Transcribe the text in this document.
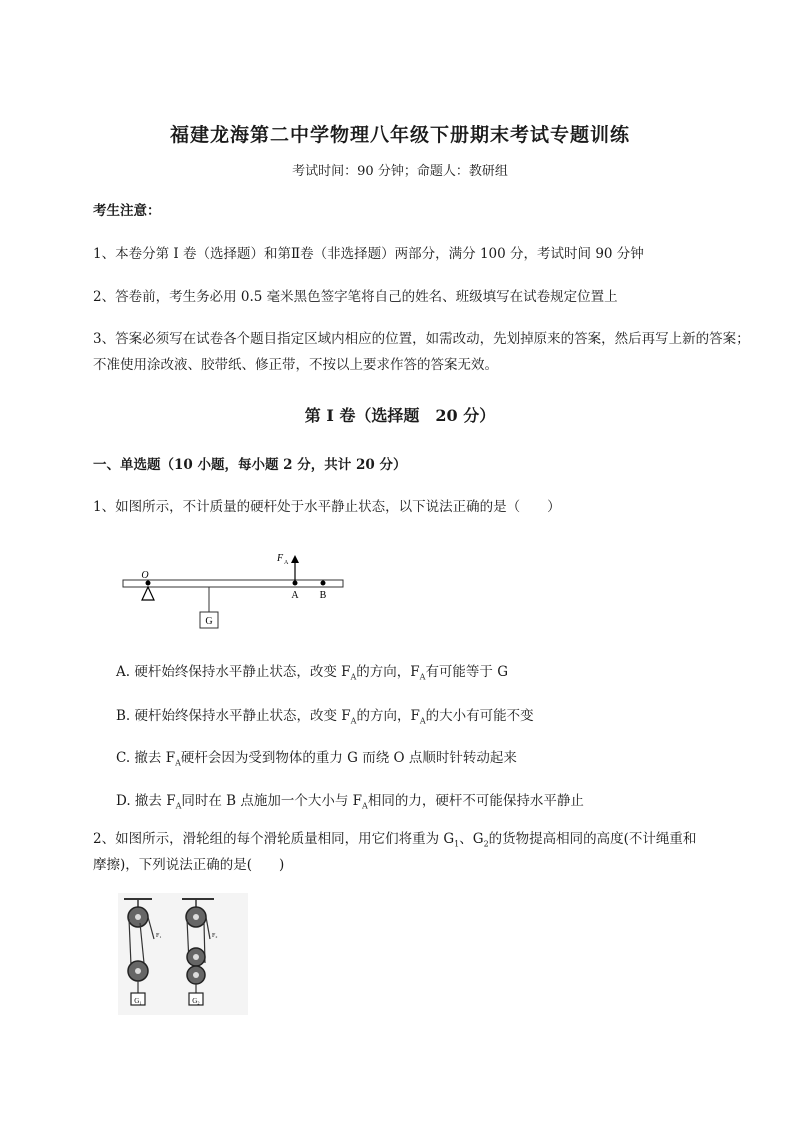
福建龙海第二中学物理八年级下册期末考试专题训练
考试时间：90 分钟；命题人：教研组
考生注意：
1、本卷分第 I 卷（选择题）和第Ⅱ卷（非选择题）两部分，满分 100 分，考试时间 90 分钟
2、答卷前，考生务必用 0.5 毫米黑色签字笔将自己的姓名、班级填写在试卷规定位置上
3、答案必须写在试卷各个题目指定区域内相应的位置，如需改动，先划掉原来的答案，然后再写上新的答案；不准使用涂改液、胶带纸、修正带，不按以上要求作答的答案无效。
第 I 卷（选择题　20 分）
一、单选题（10 小题，每小题 2 分，共计 20 分）
1、如图所示，不计质量的硬杆处于水平静止状态，以下说法正确的是（　　）
O
F A
A B
G
A. 硬杆始终保持水平静止状态，改变 $F_A$的方向，$F_A$有可能等于 G
B. 硬杆始终保持水平静止状态，改变 $F_A$的方向，$F_A$的大小有可能不变
C. 撤去 $F_A$硬杆会因为受到物体的重力 G 而绕 O 点顺时针转动起来
D. 撤去 $F_A$同时在 B 点施加一个大小与 $F_A$相同的力，硬杆不可能保持水平静止
2、如图所示，滑轮组的每个滑轮质量相同，用它们将重为 $G_1$、$G_2$的货物提高相同的高度(不计绳重和
摩擦)，下列说法正确的是(　　)
G₁
F₁
G₂
F₂
